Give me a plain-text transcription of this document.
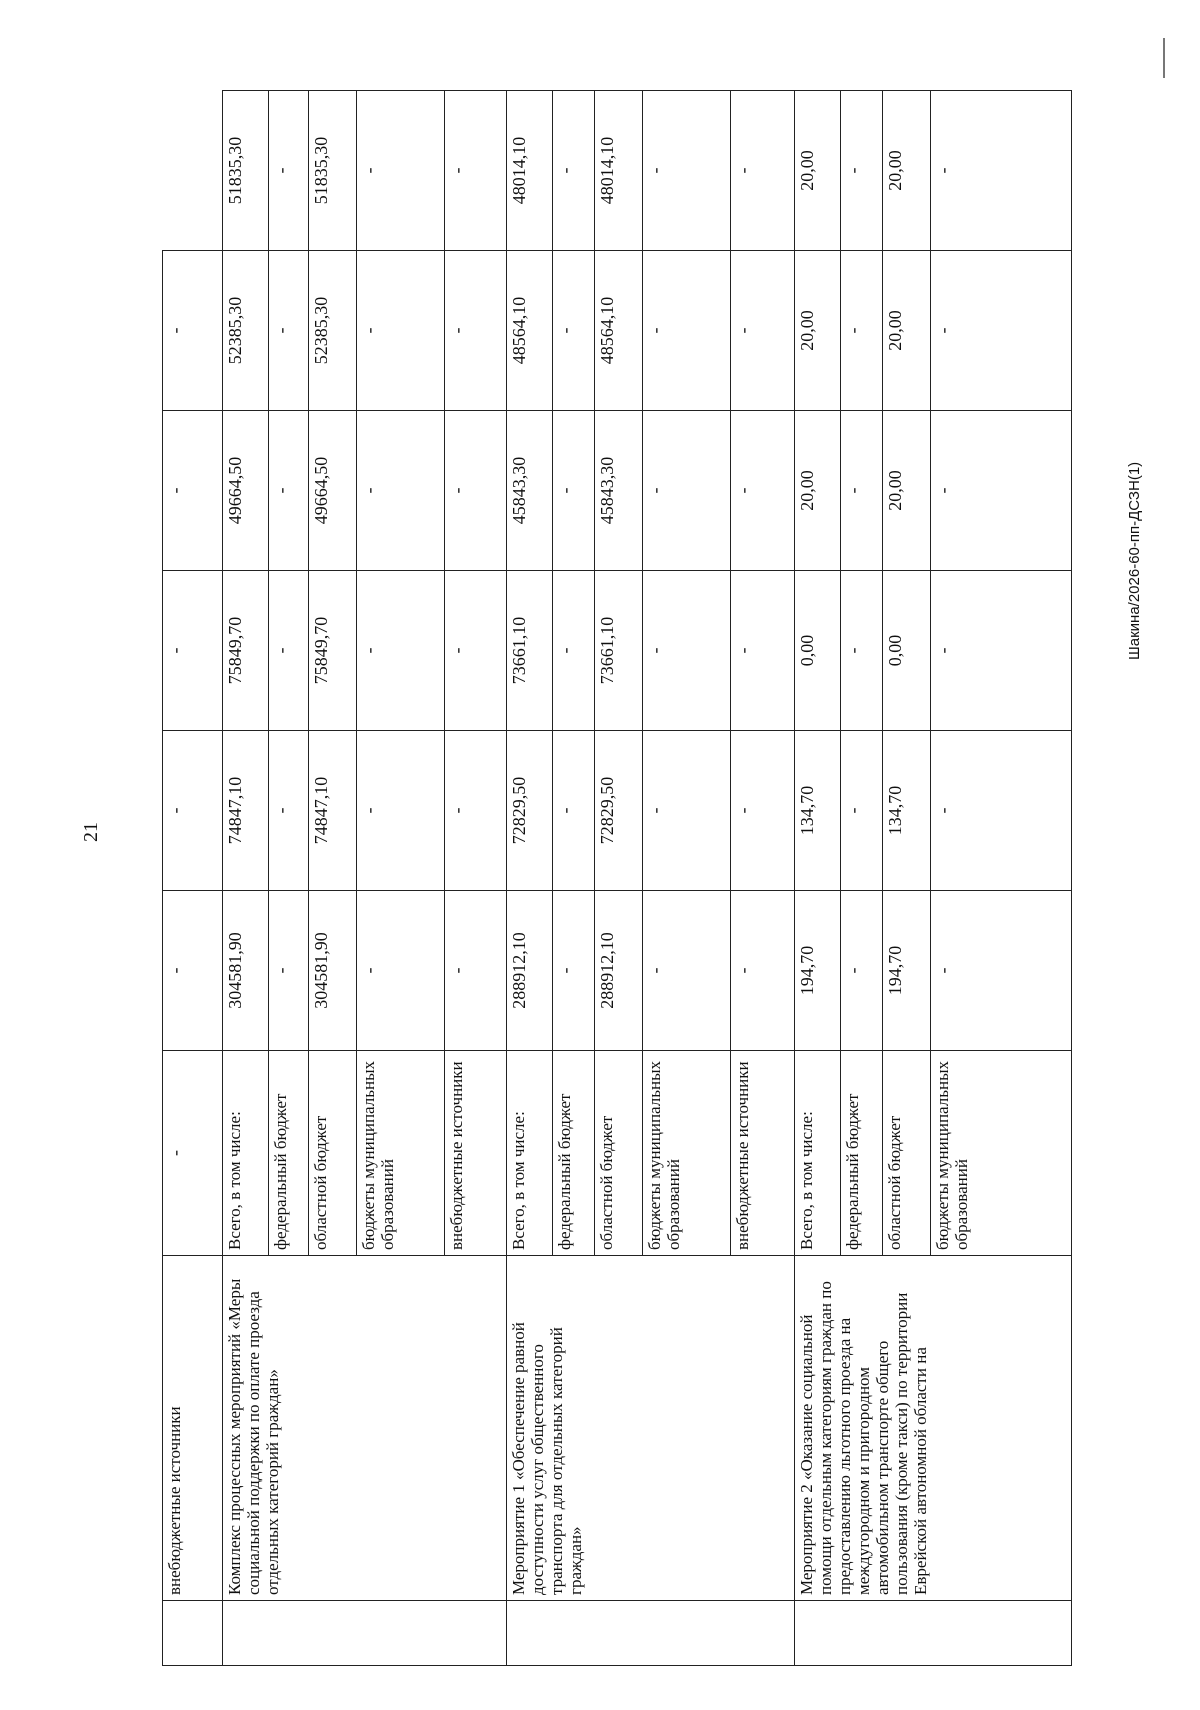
21
Шакина/2026-60-пп-ДСЗН(1)
	внебюджетные источники	-	-	-	-	-	-	
	Комплекс процессных мероприятий «Меры социальной поддержки по оплате проезда отдельных категорий граждан»	Всего, в том числе:	304581,90	74847,10	75849,70	49664,50	52385,30	51835,30
		федеральный бюджет	-	-	-	-	-	-
		областной бюджет	304581,90	74847,10	75849,70	49664,50	52385,30	51835,30
		бюджеты муниципальных образований	-	-	-	-	-	-
		внебюджетные источники	-	-	-	-	-	-
	Мероприятие 1 «Обеспечение равной доступности услуг общественного транспорта для отдельных категорий граждан»	Всего, в том числе:	288912,10	72829,50	73661,10	45843,30	48564,10	48014,10
		федеральный бюджет	-	-	-	-	-	-
		областной бюджет	288912,10	72829,50	73661,10	45843,30	48564,10	48014,10
		бюджеты муниципальных образований	-	-	-	-	-	-
		внебюджетные источники	-	-	-	-	-	-
	Мероприятие 2 «Оказание социальной помощи отдельным категориям граждан по предоставлению льготного проезда на междугородном и пригородном автомобильном транспорте общего пользования (кроме такси) по территории Еврейской автономной области на	Всего, в том числе:	194,70	134,70	0,00	20,00	20,00	20,00
		федеральный бюджет	-	-	-	-	-	-
		областной бюджет	194,70	134,70	0,00	20,00	20,00	20,00
		бюджеты муниципальных образований	-	-	-	-	-	-
